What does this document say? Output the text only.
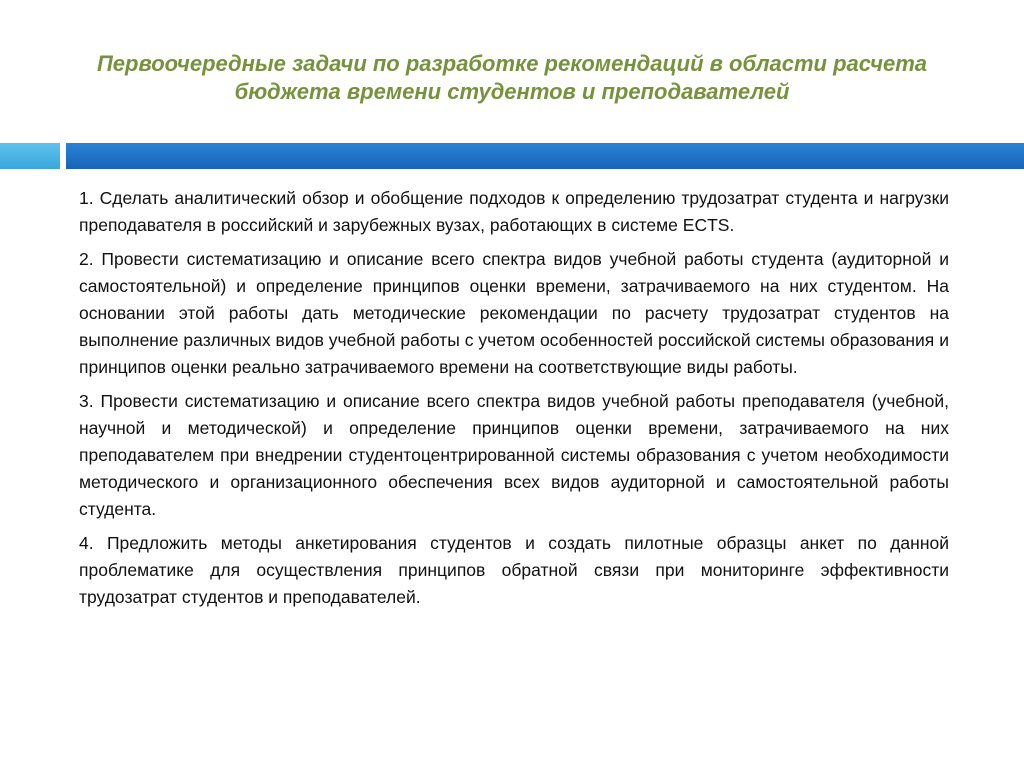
Первоочередные задачи по разработке рекомендаций в области расчета бюджета времени студентов и преподавателей

1. Сделать аналитический обзор и обобщение подходов к определению трудозатрат студента и нагрузки преподавателя в российский и зарубежных вузах, работающих в системе ECTS.

2. Провести систематизацию и описание всего спектра видов учебной работы студента (аудиторной и самостоятельной) и определение принципов оценки времени, затрачиваемого на них студентом. На основании этой работы дать методические рекомендации по расчету трудозатрат студентов на выполнение различных видов учебной работы с учетом особенностей российской системы образования и принципов оценки реально затрачиваемого времени на соответствующие виды работы.

3. Провести систематизацию и описание всего спектра видов учебной работы преподавателя (учебной, научной и методической) и определение принципов оценки времени, затрачиваемого на них преподавателем при внедрении студентоцентрированной системы образования с учетом необходимости методического и организационного обеспечения всех видов аудиторной и самостоятельной работы студента.

4. Предложить методы анкетирования студентов и создать пилотные образцы анкет по данной проблематике для осуществления принципов обратной связи при мониторинге эффективности трудозатрат студентов и преподавателей.
